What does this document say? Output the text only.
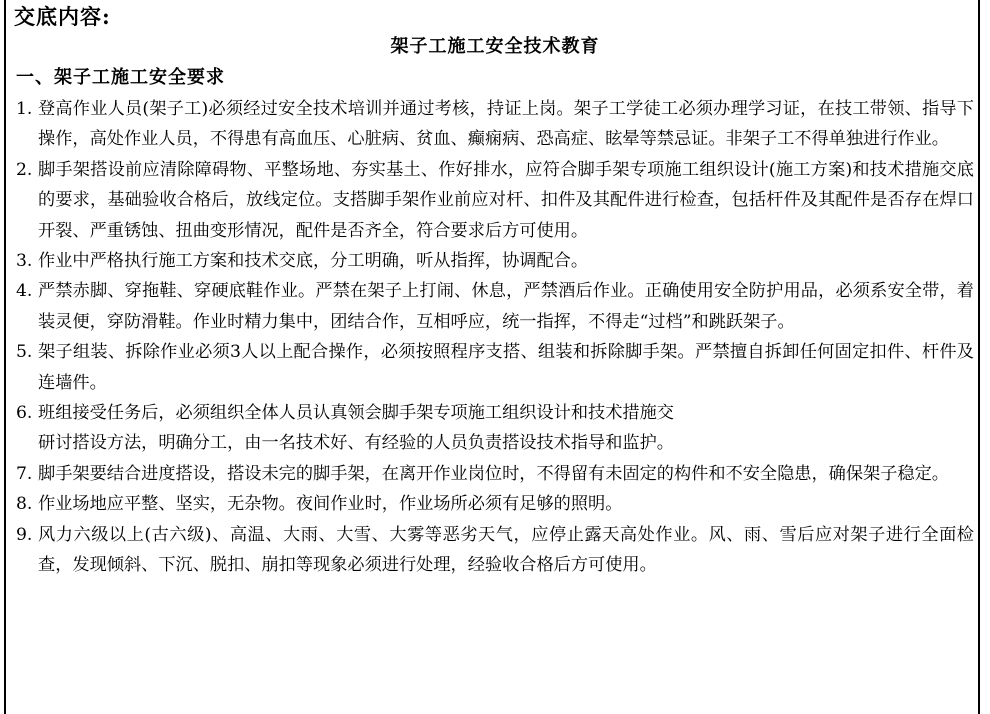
交底内容:
架子工施工安全技术教育
一、架子工施工安全要求
1. 登高作业人员(架子工)必须经过安全技术培训并通过考核，持证上岗。架子工学徒工必须办理学习证，在技工带领、指导下操作，高处作业人员，不得患有高血压、心脏病、贫血、癫痫病、恐高症、眩晕等禁忌证。非架子工不得单独进行作业。
2. 脚手架搭设前应清除障碍物、平整场地、夯实基土、作好排水，应符合脚手架专项施工组织设计(施工方案)和技术措施交底的要求，基础验收合格后，放线定位。支搭脚手架作业前应对杆、扣件及其配件进行检查，包括杆件及其配件是否存在焊口开裂、严重锈蚀、扭曲变形情况，配件是否齐全，符合要求后方可使用。
3. 作业中严格执行施工方案和技术交底，分工明确，听从指挥，协调配合。
4. 严禁赤脚、穿拖鞋、穿硬底鞋作业。严禁在架子上打闹、休息，严禁酒后作业。正确使用安全防护用品，必须系安全带，着装灵便，穿防滑鞋。作业时精力集中，团结合作，互相呼应，统一指挥，不得走“过档”和跳跃架子。
5. 架子组装、拆除作业必须3人以上配合操作，必须按照程序支搭、组装和拆除脚手架。严禁擅自拆卸任何固定扣件、杆件及连墙件。
6. 班组接受任务后，必须组织全体人员认真领会脚手架专项施工组织设计和技术措施交
研讨搭设方法，明确分工，由一名技术好、有经验的人员负责搭设技术指导和监护。
7. 脚手架要结合进度搭设，搭设未完的脚手架，在离开作业岗位时，不得留有未固定的构件和不安全隐患，确保架子稳定。
8. 作业场地应平整、坚实，无杂物。夜间作业时，作业场所必须有足够的照明。
9. 风力六级以上(古六级)、高温、大雨、大雪、大雾等恶劣天气，应停止露天高处作业。风、雨、雪后应对架子进行全面检查，发现倾斜、下沉、脱扣、崩扣等现象必须进行处理，经验收合格后方可使用。
